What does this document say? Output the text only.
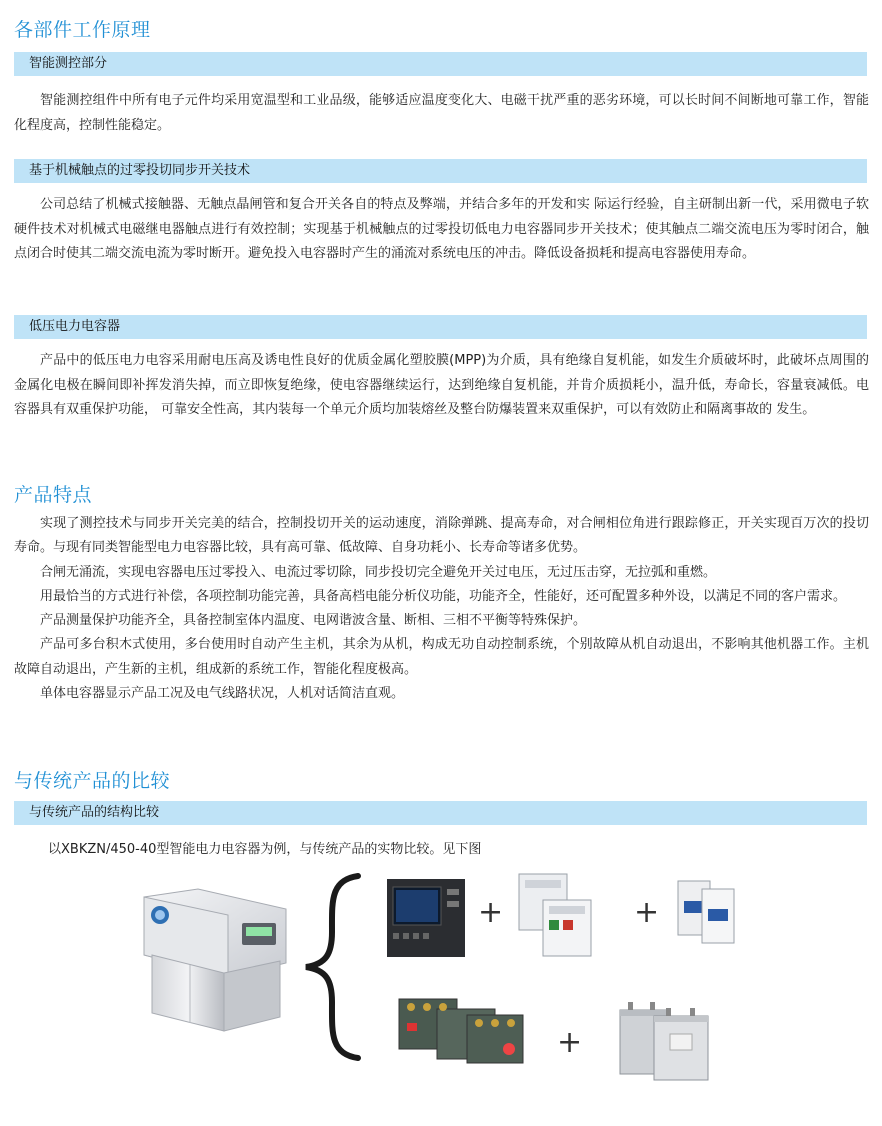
各部件工作原理
智能测控部分
智能测控组件中所有电子元件均采用宽温型和工业品级，能够适应温度变化大、电磁干扰严重的恶劣环境，可以长时间不间断地可靠工作，智能化程度高，控制性能稳定。
基于机械触点的过零投切同步开关技术
公司总结了机械式接触器、无触点晶闸管和复合开关各自的特点及弊端，并结合多年的开发和实 际运行经验，自主研制出新一代，采用微电子软硬件技术对机械式电磁继电器触点进行有效控制；实现基于机械触点的过零投切低电力电容器同步开关技术；使其触点二端交流电压为零时闭合，触点闭合时使其二端交流电流为零时断开。避免投入电容器时产生的涌流对系统电压的冲击。降低设备损耗和提高电容器使用寿命。
低压电力电容器
产品中的低压电力电容采用耐电压高及诱电性良好的优质金属化塑胶膜(MPP)为介质，具有绝缘自复机能，如发生介质破坏时，此破坏点周围的金属化电极在瞬间即补挥发消失掉，而立即恢复绝缘，使电容器继续运行，达到绝缘自复机能，并肯介质损耗小，温升低，寿命长，容量衰减低。电容器具有双重保护功能， 可靠安全性高，其内装每一个单元介质均加装熔丝及整台防爆装置来双重保护，可以有效防止和隔离事故的 发生。
产品特点

实现了测控技术与同步开关完美的结合，控制投切开关的运动速度，消除弹跳、提高寿命，对合闸相位角进行跟踪修正，开关实现百万次的投切寿命。与现有同类智能型电力电容器比较，具有高可靠、低故障、自身功耗小、长寿命等诸多优势。

合闸无涌流，实现电容器电压过零投入、电流过零切除，同步投切完全避免开关过电压，无过压击穿，无拉弧和重燃。

用最恰当的方式进行补偿，各项控制功能完善，具备高档电能分析仪功能，功能齐全，性能好，还可配置多种外设，以满足不同的客户需求。

产品测量保护功能齐全，具备控制室体内温度、电网谐波含量、断相、三相不平衡等特殊保护。

产品可多台积木式使用，多台使用时自动产生主机，其余为从机，构成无功自动控制系统，个别故障从机自动退出，不影响其他机器工作。主机故障自动退出，产生新的主机，组成新的系统工作，智能化程度极高。

单体电容器显示产品工况及电气线路状况，人机对话简洁直观。

与传统产品的比较
与传统产品的结构比较
以XBKZN/450-40型智能电力电容器为例，与传统产品的实物比较。见下图
+	+
+
